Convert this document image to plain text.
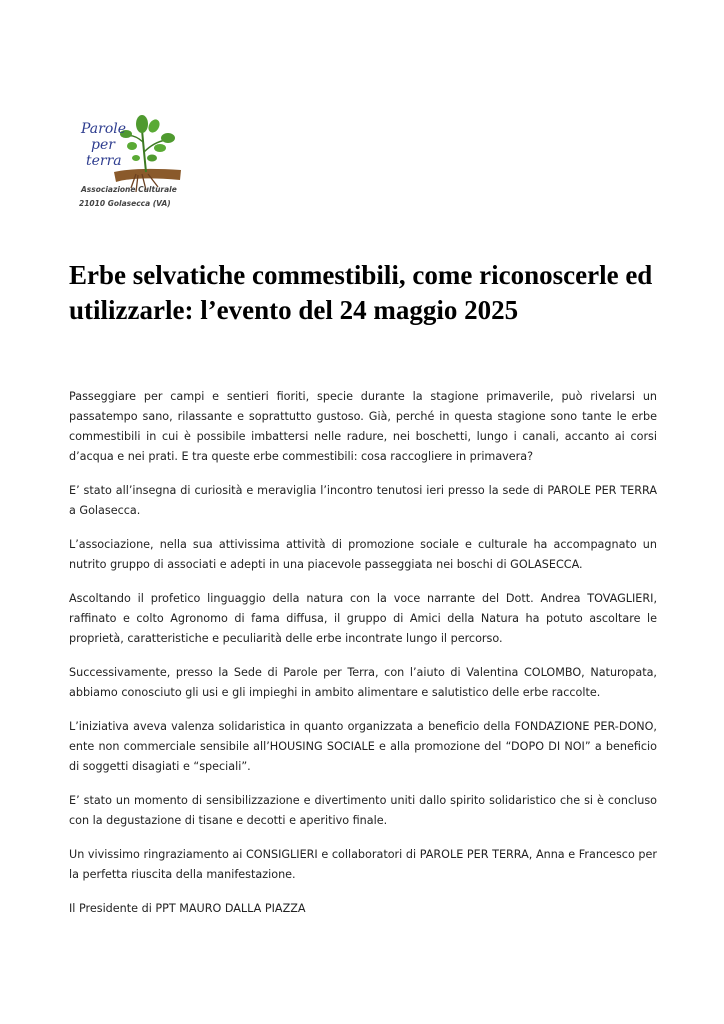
Parole
per
terra
Associazione Culturale
21010 Golasecca (VA)
Erbe selvatiche commestibili, come riconoscerle ed utilizzarle: l’evento del 24 maggio 2025

Passeggiare per campi e sentieri fioriti, specie durante la stagione primaverile, può rivelarsi un passatempo sano, rilassante e soprattutto gustoso. Già, perché in questa stagione sono tante le erbe commestibili in cui è possibile imbattersi nelle radure, nei boschetti, lungo i canali, accanto ai corsi d’acqua e nei prati. E tra queste erbe commestibili: cosa raccogliere in primavera?

E’ stato all’insegna di curiosità e meraviglia l’incontro tenutosi ieri presso la sede di PAROLE PER TERRA a Golasecca.

L’associazione, nella sua attivissima attività di promozione sociale e culturale ha accompagnato un nutrito gruppo di associati e adepti in una piacevole passeggiata nei boschi di GOLASECCA.

Ascoltando il profetico linguaggio della natura con la voce narrante del Dott. Andrea TOVAGLIERI, raffinato e colto Agronomo di fama diffusa, il gruppo di Amici della Natura ha potuto ascoltare le proprietà, caratteristiche e peculiarità delle erbe incontrate lungo il percorso.

Successivamente, presso la Sede di Parole per Terra, con l’aiuto di Valentina COLOMBO, Naturopata, abbiamo conosciuto gli usi e gli impieghi in ambito alimentare e salutistico delle erbe raccolte.

L’iniziativa aveva valenza solidaristica in quanto organizzata a beneficio della FONDAZIONE PER-DONO, ente non commerciale sensibile all’HOUSING SOCIALE e alla promozione del “DOPO DI NOI” a beneficio di soggetti disagiati e “speciali”.

E’ stato un momento di sensibilizzazione e divertimento uniti dallo spirito solidaristico che si è concluso con la degustazione di tisane e decotti e aperitivo finale.

Un vivissimo ringraziamento ai CONSIGLIERI e collaboratori di PAROLE PER TERRA, Anna e Francesco per la perfetta riuscita della manifestazione.

Il Presidente di PPT MAURO DALLA PIAZZA
